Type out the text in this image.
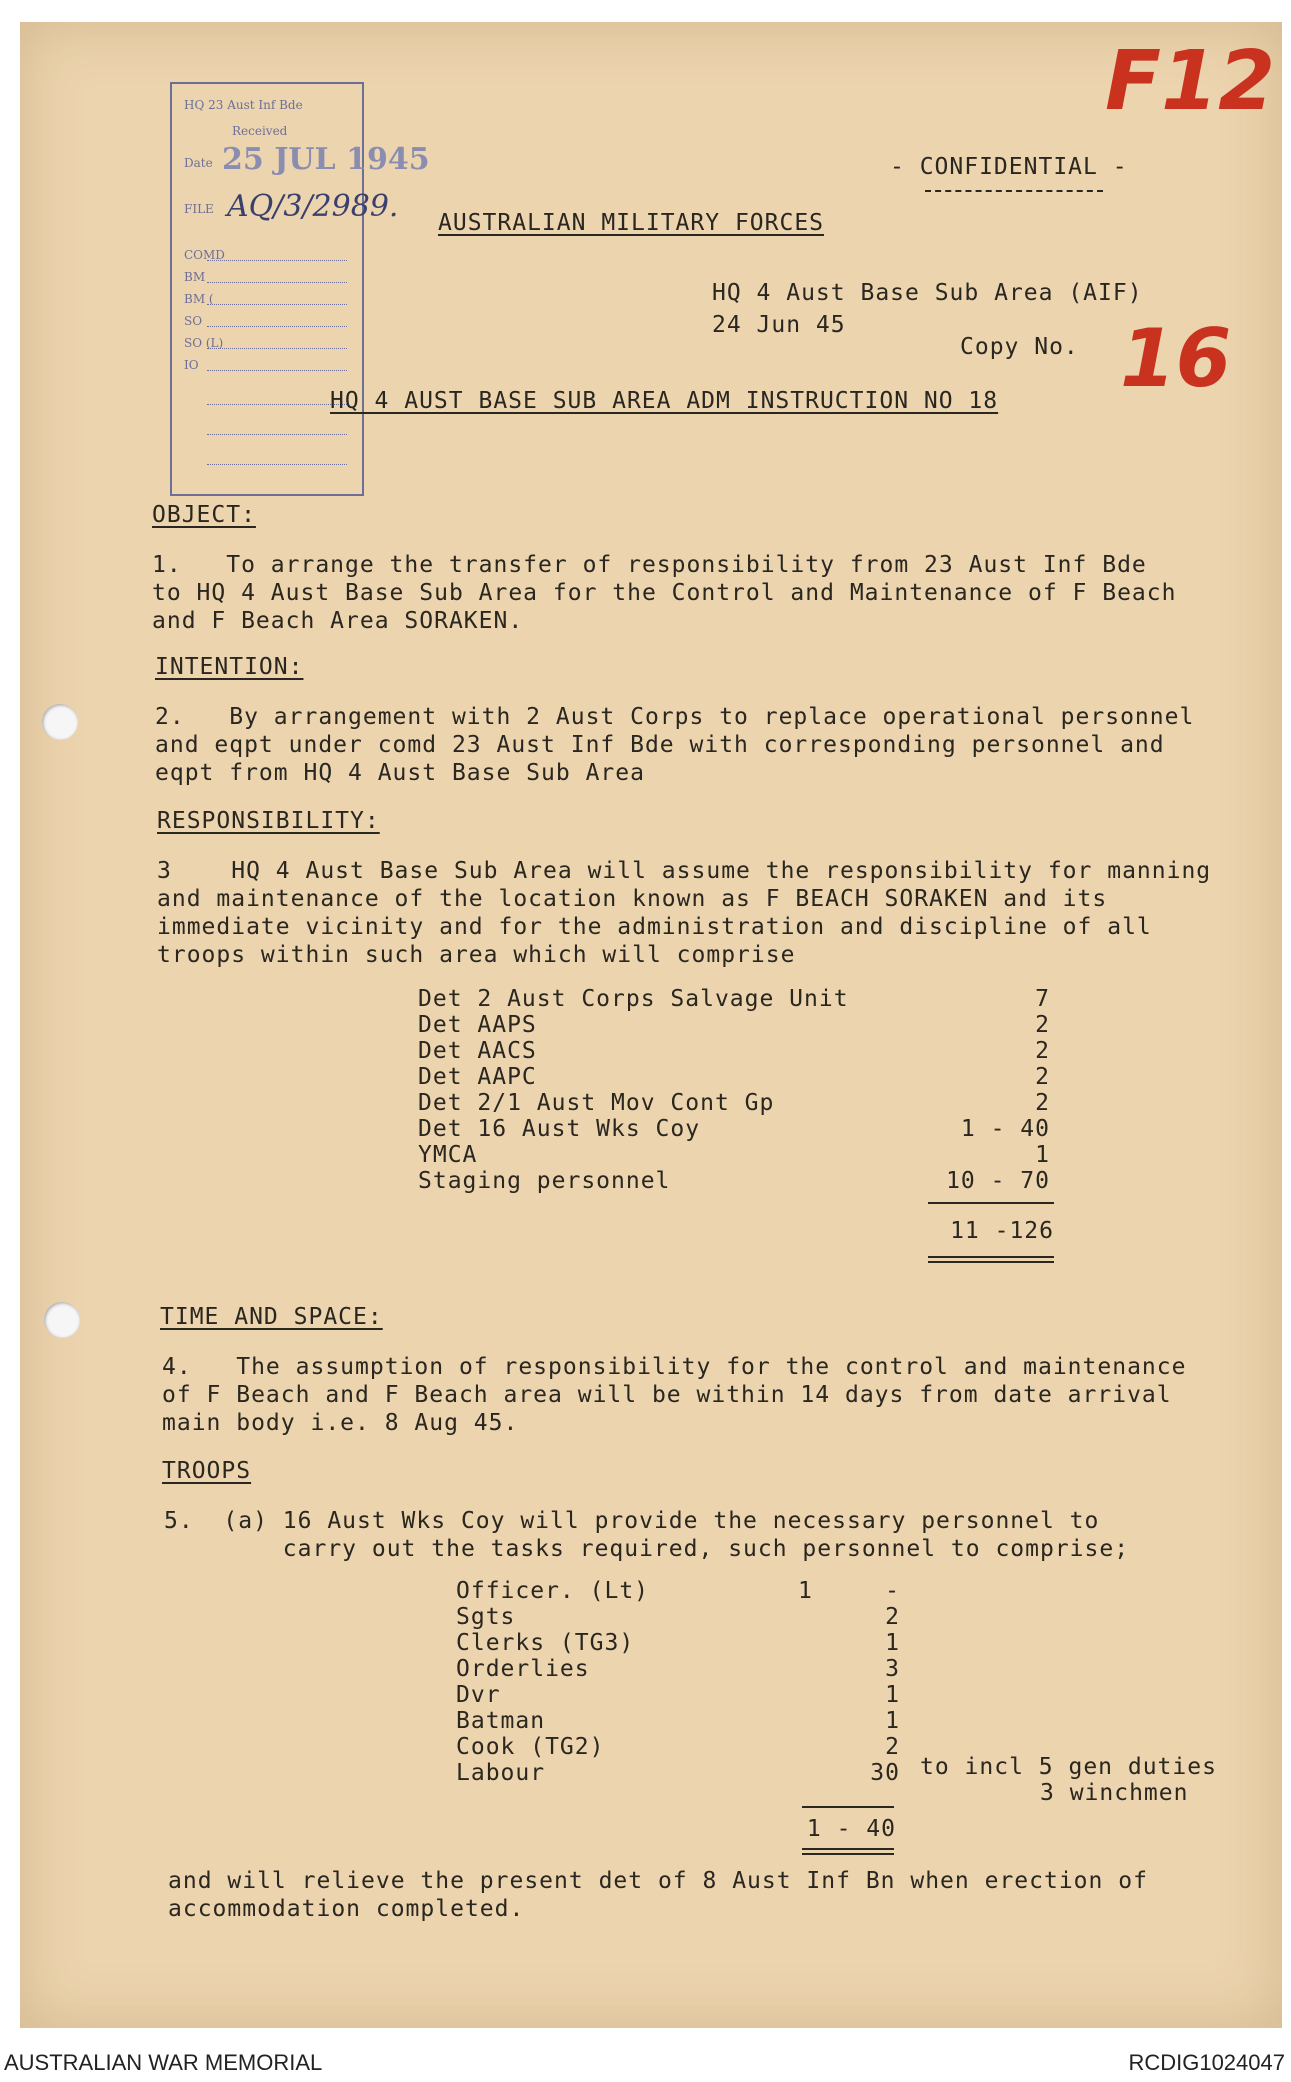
HQ 23 Aust Inf Bde
Received
Date 25 JUL 1945
FILE AQ/3/2989.
COMD
BM
BM (
SO
SO (L)
IO
F12
16
- CONFIDENTIAL -
AUSTRALIAN MILITARY FORCES
HQ 4 Aust Base Sub Area (AIF)
24 Jun 45
Copy No.
HQ 4 AUST BASE SUB AREA ADM INSTRUCTION NO 18
OBJECT:
1.   To arrange the transfer of responsibility from 23 Aust Inf Bde
to HQ 4 Aust Base Sub Area for the Control and Maintenance of F Beach
and F Beach Area SORAKEN.
INTENTION:
2.   By arrangement with 2 Aust Corps to replace operational personnel
and eqpt under comd 23 Aust Inf Bde with corresponding personnel and
eqpt from HQ 4 Aust Base Sub Area
RESPONSIBILITY:
3    HQ 4 Aust Base Sub Area will assume the responsibility for manning
and maintenance of the location known as F BEACH SORAKEN and its
immediate vicinity and for the administration and discipline of all
troops within such area which will comprise
Det 2 Aust Corps Salvage Unit	7
Det AAPS	2
Det AACS	2
Det AAPC	2
Det 2/1 Aust Mov Cont Gp	2
Det 16 Aust Wks Coy	1 - 40
YMCA	1
Staging personnel	10 - 70
11 -126
TIME AND SPACE:
4.   The assumption of responsibility for the control and maintenance
of F Beach and F Beach area will be within 14 days from date arrival
main body i.e. 8 Aug 45.
TROOPS
5.  (a) 16 Aust Wks Coy will provide the necessary personnel to
carry out the tasks required, such personnel to comprise;
Officer. (Lt)	1	-
Sgts	2
Clerks (TG3)	1
Orderlies	3
Dvr	1
Batman	1
Cook (TG2)	2
Labour	30 to incl 5 gen duties
3 winchmen
1 - 40
and will relieve the present det of 8 Aust Inf Bn when erection of
accommodation completed.
AUSTRALIAN WAR MEMORIAL	RCDIG1024047
